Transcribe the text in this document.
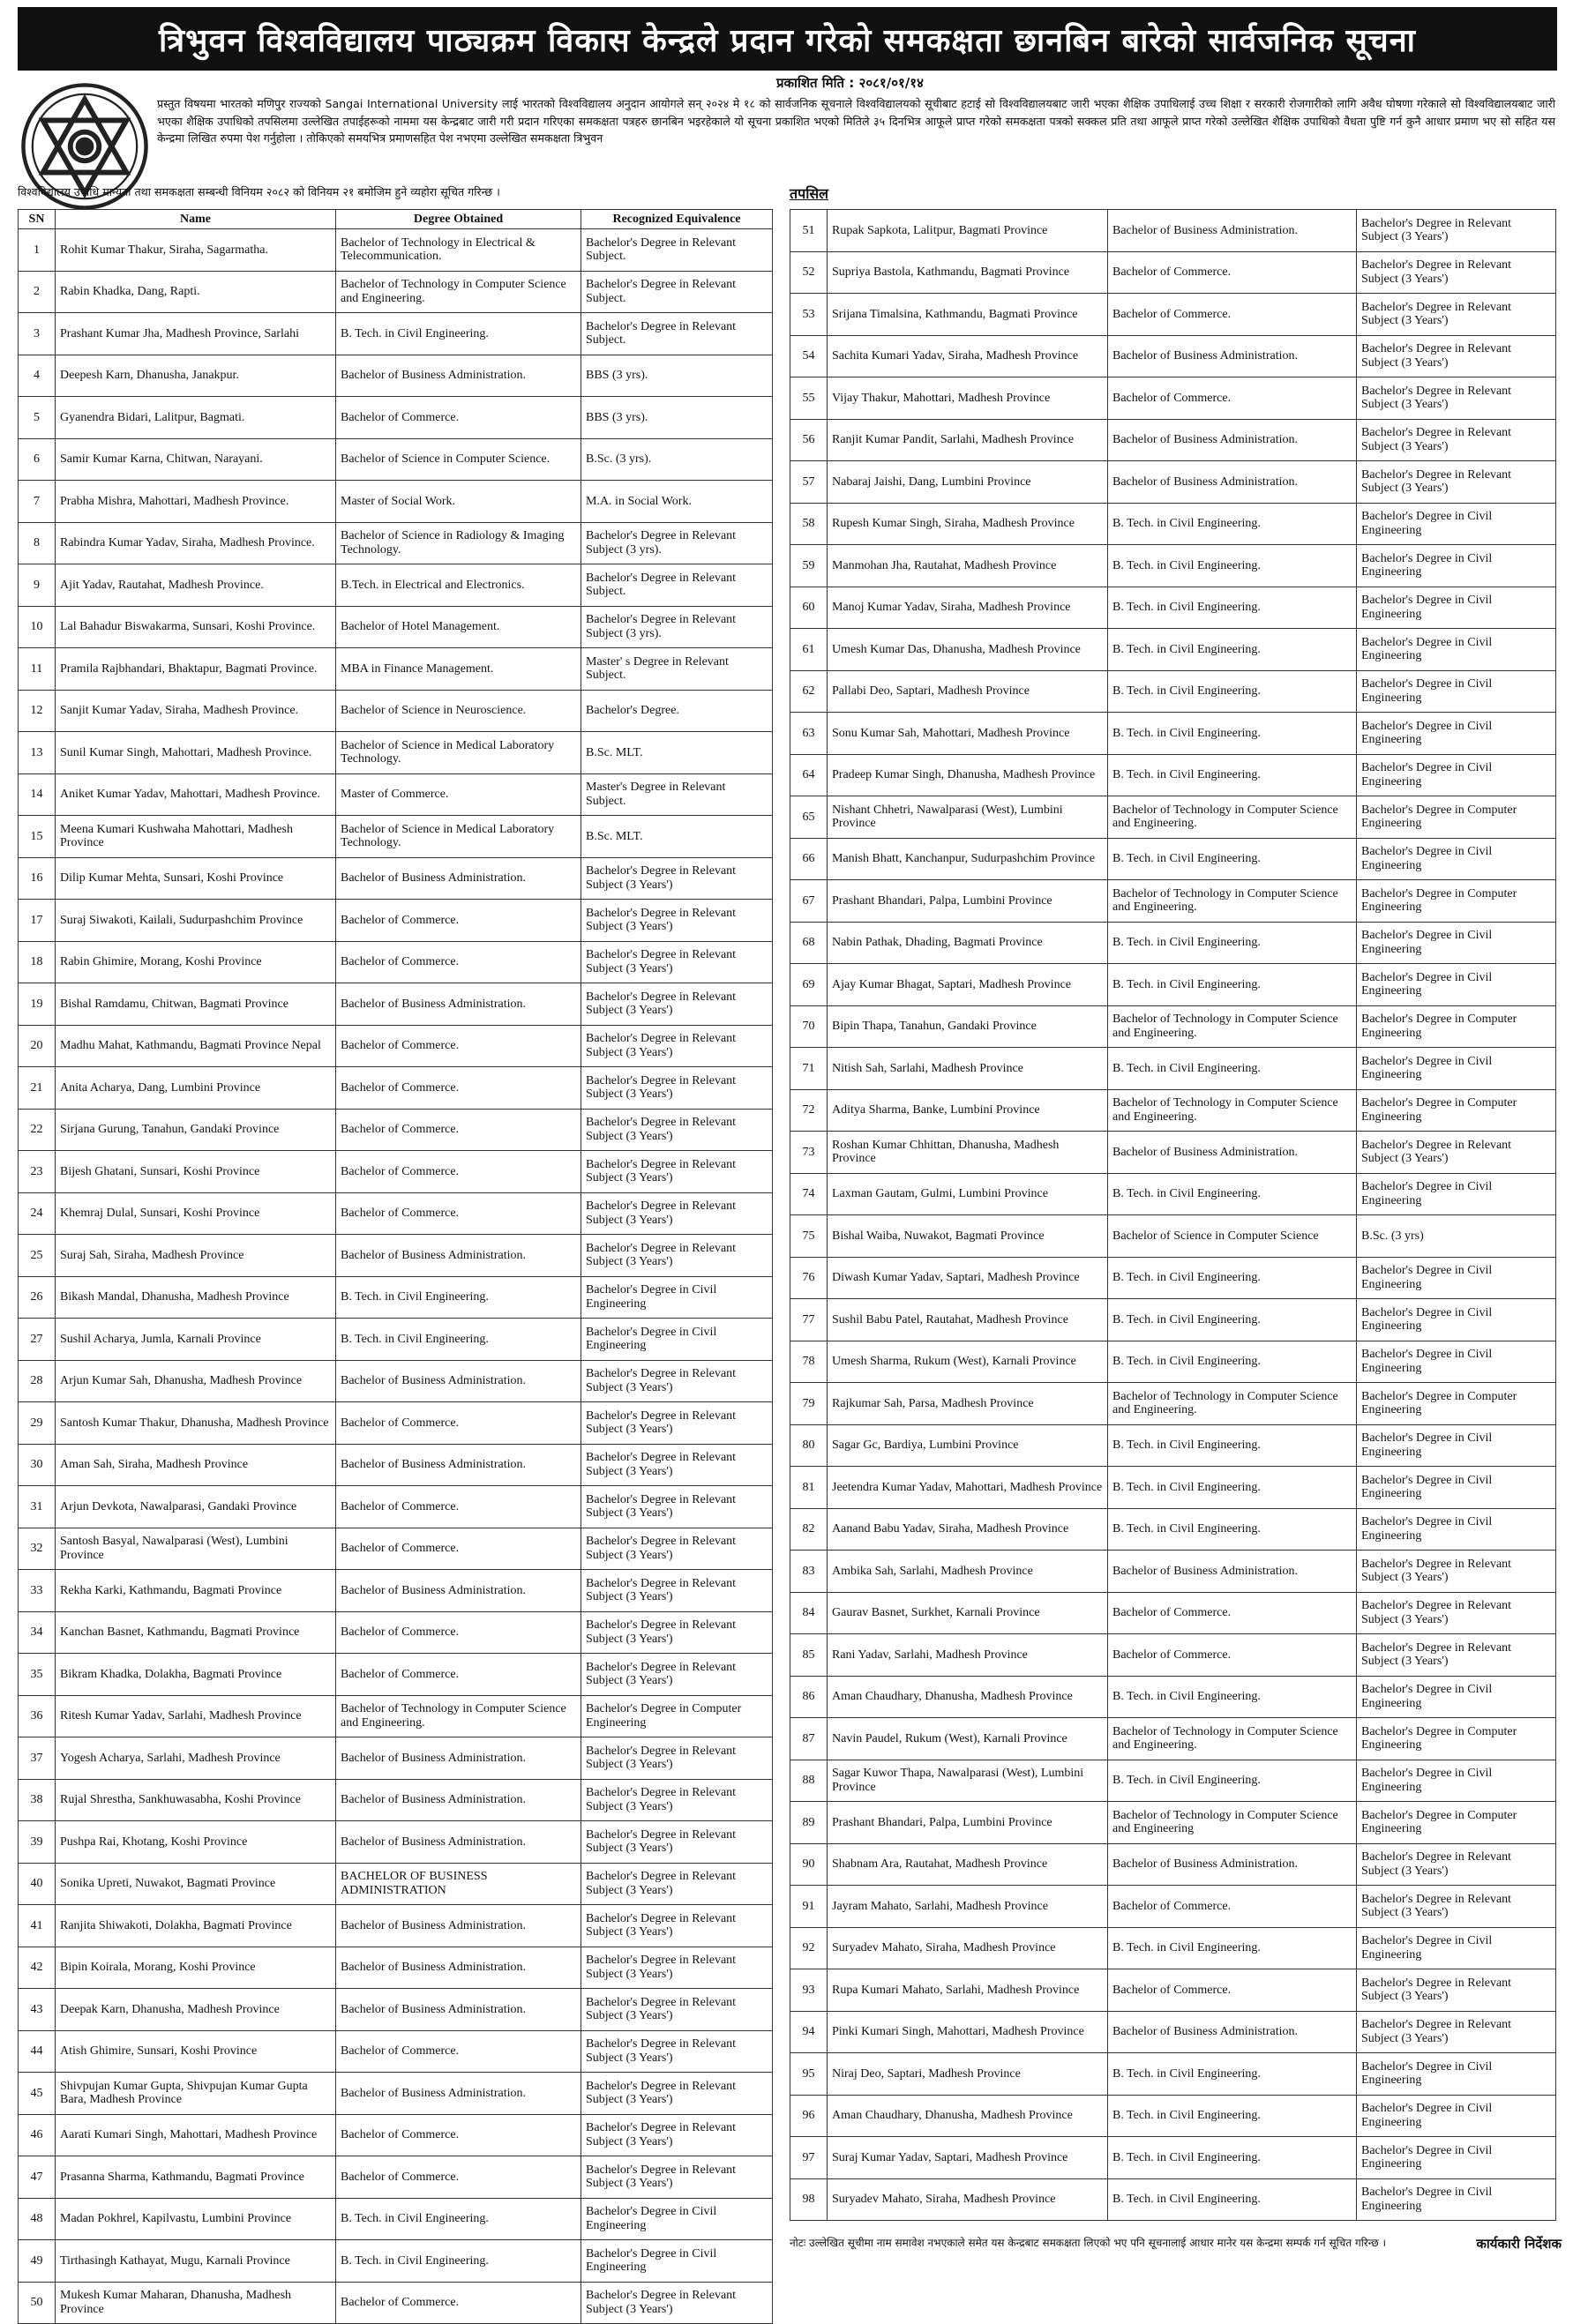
त्रिभुवन विश्वविद्यालय पाठ्यक्रम विकास केन्द्रले प्रदान गरेको समकक्षता छानबिन बारेको सार्वजनिक सूचना
प्रकाशित मिति : २०८१/०१/१४
प्रस्तुत विषयमा भारतको मणिपुर राज्यको Sangai International University लाई भारतको विश्वविद्यालय अनुदान आयोगले सन् २०२४ मे १८ को सार्वजनिक सूचनाले विश्वविद्यालयको सूचीबाट हटाई सो विश्वविद्यालयबाट जारी भएका शैक्षिक उपाधिलाई उच्च शिक्षा र सरकारी रोजगारीको लागि अवैध घोषणा गरेकाले सो विश्वविद्यालयबाट जारी भएका शैक्षिक उपाधिको तपसिलमा उल्लेखित तपाईहरूको नाममा यस केन्द्रबाट जारी गरी प्रदान गरिएका समकक्षता पत्रहरु छानबिन भइरहेकाले यो सूचना प्रकाशित भएको मितिले ३५ दिनभित्र आफूले प्राप्त गरेको समकक्षता पत्रको सक्कल प्रति तथा आफूले प्राप्त गरेको उल्लेखित शैक्षिक उपाधिको वैधता पुष्टि गर्न कुनै आधार प्रमाण भए सो सहित यस केन्द्रमा लिखित रुपमा पेश गर्नुहोला । तोकिएको समयभित्र प्रमाणसहित पेश नभएमा उल्लेखित समकक्षता त्रिभुवन
विश्वविद्यालय उपाधि मान्यता तथा समकक्षता सम्बन्धी विनियम २०८२ को विनियम २१ बमोजिम हुने व्यहोरा सूचित गरिन्छ ।	तपसिल
SN	Name	Degree Obtained	Recognized Equivalence
1	Rohit Kumar Thakur, Siraha, Sagarmatha.	Bachelor of Technology in Electrical & Telecommunication.	Bachelor's Degree in Relevant Subject.
2	Rabin Khadka, Dang, Rapti.	Bachelor of Technology in Computer Science and Engineering.	Bachelor's Degree in Relevant Subject.
3	Prashant Kumar Jha, Madhesh Province, Sarlahi	B. Tech. in Civil Engineering.	Bachelor's Degree in Relevant Subject.
4	Deepesh Karn, Dhanusha, Janakpur.	Bachelor of Business Administration.	BBS (3 yrs).
5	Gyanendra Bidari, Lalitpur, Bagmati.	Bachelor of Commerce.	BBS (3 yrs).
6	Samir Kumar Karna, Chitwan, Narayani.	Bachelor of Science in Computer Science.	B.Sc. (3 yrs).
7	Prabha Mishra, Mahottari, Madhesh Province.	Master of Social Work.	M.A. in Social Work.
8	Rabindra Kumar Yadav, Siraha, Madhesh Province.	Bachelor of Science in Radiology & Imaging Technology.	Bachelor's Degree in Relevant Subject (3 yrs).
9	Ajit Yadav, Rautahat, Madhesh Province.	B.Tech. in Electrical and Electronics.	Bachelor's Degree in Relevant Subject.
10	Lal Bahadur Biswakarma, Sunsari, Koshi Province.	Bachelor of Hotel Management.	Bachelor's Degree in Relevant Subject (3 yrs).
11	Pramila Rajbhandari, Bhaktapur, Bagmati Province.	MBA in Finance Management.	Master' s Degree in Relevant Subject.
12	Sanjit Kumar Yadav, Siraha, Madhesh Province.	Bachelor of Science in Neuroscience.	Bachelor's Degree.
13	Sunil Kumar Singh, Mahottari, Madhesh Province.	Bachelor of Science in Medical Laboratory Technology.	B.Sc. MLT.
14	Aniket Kumar Yadav, Mahottari, Madhesh Province.	Master of Commerce.	Master's Degree in Relevant Subject.
15	Meena Kumari Kushwaha Mahottari, Madhesh Province	Bachelor of Science in Medical Laboratory Technology.	B.Sc. MLT.
16	Dilip Kumar Mehta, Sunsari, Koshi Province	Bachelor of Business Administration.	Bachelor's Degree in Relevant Subject (3 Years')
17	Suraj Siwakoti, Kailali, Sudurpashchim Province	Bachelor of Commerce.	Bachelor's Degree in Relevant Subject (3 Years')
18	Rabin Ghimire, Morang, Koshi Province	Bachelor of Commerce.	Bachelor's Degree in Relevant Subject (3 Years')
19	Bishal Ramdamu, Chitwan, Bagmati Province	Bachelor of Business Administration.	Bachelor's Degree in Relevant Subject (3 Years')
20	Madhu Mahat, Kathmandu, Bagmati Province Nepal	Bachelor of Commerce.	Bachelor's Degree in Relevant Subject (3 Years')
21	Anita Acharya, Dang, Lumbini Province	Bachelor of Commerce.	Bachelor's Degree in Relevant Subject (3 Years')
22	Sirjana Gurung, Tanahun, Gandaki Province	Bachelor of Commerce.	Bachelor's Degree in Relevant Subject (3 Years')
23	Bijesh Ghatani, Sunsari, Koshi Province	Bachelor of Commerce.	Bachelor's Degree in Relevant Subject (3 Years')
24	Khemraj Dulal, Sunsari, Koshi Province	Bachelor of Commerce.	Bachelor's Degree in Relevant Subject (3 Years')
25	Suraj Sah, Siraha, Madhesh Province	Bachelor of Business Administration.	Bachelor's Degree in Relevant Subject (3 Years')
26	Bikash Mandal, Dhanusha, Madhesh Province	B. Tech. in Civil Engineering.	Bachelor's Degree in Civil Engineering
27	Sushil Acharya, Jumla, Karnali Province	B. Tech. in Civil Engineering.	Bachelor's Degree in Civil Engineering
28	Arjun Kumar Sah, Dhanusha, Madhesh Province	Bachelor of Business Administration.	Bachelor's Degree in Relevant Subject (3 Years')
29	Santosh Kumar Thakur, Dhanusha, Madhesh Province	Bachelor of Commerce.	Bachelor's Degree in Relevant Subject (3 Years')
30	Aman Sah, Siraha, Madhesh Province	Bachelor of Business Administration.	Bachelor's Degree in Relevant Subject (3 Years')
31	Arjun Devkota, Nawalparasi, Gandaki Province	Bachelor of Commerce.	Bachelor's Degree in Relevant Subject (3 Years')
32	Santosh Basyal, Nawalparasi (West), Lumbini Province	Bachelor of Commerce.	Bachelor's Degree in Relevant Subject (3 Years')
33	Rekha Karki, Kathmandu, Bagmati Province	Bachelor of Business Administration.	Bachelor's Degree in Relevant Subject (3 Years')
34	Kanchan Basnet, Kathmandu, Bagmati Province	Bachelor of Commerce.	Bachelor's Degree in Relevant Subject (3 Years')
35	Bikram Khadka, Dolakha, Bagmati Province	Bachelor of Commerce.	Bachelor's Degree in Relevant Subject (3 Years')
36	Ritesh Kumar Yadav, Sarlahi, Madhesh Province	Bachelor of Technology in Computer Science and Engineering.	Bachelor's Degree in Computer Engineering
37	Yogesh Acharya, Sarlahi, Madhesh Province	Bachelor of Business Administration.	Bachelor's Degree in Relevant Subject (3 Years')
38	Rujal Shrestha, Sankhuwasabha, Koshi Province	Bachelor of Business Administration.	Bachelor's Degree in Relevant Subject (3 Years')
39	Pushpa Rai, Khotang, Koshi Province	Bachelor of Business Administration.	Bachelor's Degree in Relevant Subject (3 Years')
40	Sonika Upreti, Nuwakot, Bagmati Province	BACHELOR OF BUSINESS ADMINISTRATION	Bachelor's Degree in Relevant Subject (3 Years')
41	Ranjita Shiwakoti, Dolakha, Bagmati Province	Bachelor of Business Administration.	Bachelor's Degree in Relevant Subject (3 Years')
42	Bipin Koirala, Morang, Koshi Province	Bachelor of Business Administration.	Bachelor's Degree in Relevant Subject (3 Years')
43	Deepak Karn, Dhanusha, Madhesh Province	Bachelor of Business Administration.	Bachelor's Degree in Relevant Subject (3 Years')
44	Atish Ghimire, Sunsari, Koshi Province	Bachelor of Commerce.	Bachelor's Degree in Relevant Subject (3 Years')
45	Shivpujan Kumar Gupta, Shivpujan Kumar Gupta Bara, Madhesh Province	Bachelor of Business Administration.	Bachelor's Degree in Relevant Subject (3 Years')
46	Aarati Kumari Singh, Mahottari, Madhesh Province	Bachelor of Commerce.	Bachelor's Degree in Relevant Subject (3 Years')
47	Prasanna Sharma, Kathmandu, Bagmati Province	Bachelor of Commerce.	Bachelor's Degree in Relevant Subject (3 Years')
48	Madan Pokhrel, Kapilvastu, Lumbini Province	B. Tech. in Civil Engineering.	Bachelor's Degree in Civil Engineering
49	Tirthasingh Kathayat, Mugu, Karnali Province	B. Tech. in Civil Engineering.	Bachelor's Degree in Civil Engineering
50	Mukesh Kumar Maharan, Dhanusha, Madhesh Province	Bachelor of Commerce.	Bachelor's Degree in Relevant Subject (3 Years')
51	Rupak Sapkota, Lalitpur, Bagmati Province	Bachelor of Business Administration.	Bachelor's Degree in Relevant Subject (3 Years')
52	Supriya Bastola, Kathmandu, Bagmati Province	Bachelor of Commerce.	Bachelor's Degree in Relevant Subject (3 Years')
53	Srijana Timalsina, Kathmandu, Bagmati Province	Bachelor of Commerce.	Bachelor's Degree in Relevant Subject (3 Years')
54	Sachita Kumari Yadav, Siraha, Madhesh Province	Bachelor of Business Administration.	Bachelor's Degree in Relevant Subject (3 Years')
55	Vijay Thakur, Mahottari, Madhesh Province	Bachelor of Commerce.	Bachelor's Degree in Relevant Subject (3 Years')
56	Ranjit Kumar Pandit, Sarlahi, Madhesh Province	Bachelor of Business Administration.	Bachelor's Degree in Relevant Subject (3 Years')
57	Nabaraj Jaishi, Dang, Lumbini Province	Bachelor of Business Administration.	Bachelor's Degree in Relevant Subject (3 Years')
58	Rupesh Kumar Singh, Siraha, Madhesh Province	B. Tech. in Civil Engineering.	Bachelor's Degree in Civil Engineering
59	Manmohan Jha, Rautahat, Madhesh Province	B. Tech. in Civil Engineering.	Bachelor's Degree in Civil Engineering
60	Manoj Kumar Yadav, Siraha, Madhesh Province	B. Tech. in Civil Engineering.	Bachelor's Degree in Civil Engineering
61	Umesh Kumar Das, Dhanusha, Madhesh Province	B. Tech. in Civil Engineering.	Bachelor's Degree in Civil Engineering
62	Pallabi Deo, Saptari, Madhesh Province	B. Tech. in Civil Engineering.	Bachelor's Degree in Civil Engineering
63	Sonu Kumar Sah, Mahottari, Madhesh Province	B. Tech. in Civil Engineering.	Bachelor's Degree in Civil Engineering
64	Pradeep Kumar Singh, Dhanusha, Madhesh Province	B. Tech. in Civil Engineering.	Bachelor's Degree in Civil Engineering
65	Nishant Chhetri, Nawalparasi (West), Lumbini Province	Bachelor of Technology in Computer Science and Engineering.	Bachelor's Degree in Computer Engineering
66	Manish Bhatt, Kanchanpur, Sudurpashchim Province	B. Tech. in Civil Engineering.	Bachelor's Degree in Civil Engineering
67	Prashant Bhandari, Palpa, Lumbini Province	Bachelor of Technology in Computer Science and Engineering.	Bachelor's Degree in Computer Engineering
68	Nabin Pathak, Dhading, Bagmati Province	B. Tech. in Civil Engineering.	Bachelor's Degree in Civil Engineering
69	Ajay Kumar Bhagat, Saptari, Madhesh Province	B. Tech. in Civil Engineering.	Bachelor's Degree in Civil Engineering
70	Bipin Thapa, Tanahun, Gandaki Province	Bachelor of Technology in Computer Science and Engineering.	Bachelor's Degree in Computer Engineering
71	Nitish Sah, Sarlahi, Madhesh Province	B. Tech. in Civil Engineering.	Bachelor's Degree in Civil Engineering
72	Aditya Sharma, Banke, Lumbini Province	Bachelor of Technology in Computer Science and Engineering.	Bachelor's Degree in Computer Engineering
73	Roshan Kumar Chhittan, Dhanusha, Madhesh Province	Bachelor of Business Administration.	Bachelor's Degree in Relevant Subject (3 Years')
74	Laxman Gautam, Gulmi, Lumbini Province	B. Tech. in Civil Engineering.	Bachelor's Degree in Civil Engineering
75	Bishal Waiba, Nuwakot, Bagmati Province	Bachelor of Science in Computer Science	B.Sc. (3 yrs)
76	Diwash Kumar Yadav, Saptari, Madhesh Province	B. Tech. in Civil Engineering.	Bachelor's Degree in Civil Engineering
77	Sushil Babu Patel, Rautahat, Madhesh Province	B. Tech. in Civil Engineering.	Bachelor's Degree in Civil Engineering
78	Umesh Sharma, Rukum (West), Karnali Province	B. Tech. in Civil Engineering.	Bachelor's Degree in Civil Engineering
79	Rajkumar Sah, Parsa, Madhesh Province	Bachelor of Technology in Computer Science and Engineering.	Bachelor's Degree in Computer Engineering
80	Sagar Gc, Bardiya, Lumbini Province	B. Tech. in Civil Engineering.	Bachelor's Degree in Civil Engineering
81	Jeetendra Kumar Yadav, Mahottari, Madhesh Province	B. Tech. in Civil Engineering.	Bachelor's Degree in Civil Engineering
82	Aanand Babu Yadav, Siraha, Madhesh Province	B. Tech. in Civil Engineering.	Bachelor's Degree in Civil Engineering
83	Ambika Sah, Sarlahi, Madhesh Province	Bachelor of Business Administration.	Bachelor's Degree in Relevant Subject (3 Years')
84	Gaurav Basnet, Surkhet, Karnali Province	Bachelor of Commerce.	Bachelor's Degree in Relevant Subject (3 Years')
85	Rani Yadav, Sarlahi, Madhesh Province	Bachelor of Commerce.	Bachelor's Degree in Relevant Subject (3 Years')
86	Aman Chaudhary, Dhanusha, Madhesh Province	B. Tech. in Civil Engineering.	Bachelor's Degree in Civil Engineering
87	Navin Paudel, Rukum (West), Karnali Province	Bachelor of Technology in Computer Science and Engineering.	Bachelor's Degree in Computer Engineering
88	Sagar Kuwor Thapa, Nawalparasi (West), Lumbini Province	B. Tech. in Civil Engineering.	Bachelor's Degree in Civil Engineering
89	Prashant Bhandari, Palpa, Lumbini Province	Bachelor of Technology in Computer Science and Engineering	Bachelor's Degree in Computer Engineering
90	Shabnam Ara, Rautahat, Madhesh Province	Bachelor of Business Administration.	Bachelor's Degree in Relevant Subject (3 Years')
91	Jayram Mahato, Sarlahi, Madhesh Province	Bachelor of Commerce.	Bachelor's Degree in Relevant Subject (3 Years')
92	Suryadev Mahato, Siraha, Madhesh Province	B. Tech. in Civil Engineering.	Bachelor's Degree in Civil Engineering
93	Rupa Kumari Mahato, Sarlahi, Madhesh Province	Bachelor of Commerce.	Bachelor's Degree in Relevant Subject (3 Years')
94	Pinki Kumari Singh, Mahottari, Madhesh Province	Bachelor of Business Administration.	Bachelor's Degree in Relevant Subject (3 Years')
95	Niraj Deo, Saptari, Madhesh Province	B. Tech. in Civil Engineering.	Bachelor's Degree in Civil Engineering
96	Aman Chaudhary, Dhanusha, Madhesh Province	B. Tech. in Civil Engineering.	Bachelor's Degree in Civil Engineering
97	Suraj Kumar Yadav, Saptari, Madhesh Province	B. Tech. in Civil Engineering.	Bachelor's Degree in Civil Engineering
98	Suryadev Mahato, Siraha, Madhesh Province	B. Tech. in Civil Engineering.	Bachelor's Degree in Civil Engineering
नोटः उल्लेखित सूचीमा नाम समावेश नभएकाले समेत यस केन्द्रबाट समकक्षता लिएको भए पनि सूचनालाई आधार मानेर यस केन्द्रमा सम्पर्क गर्न सूचित गरिन्छ ।	कार्यकारी निर्देशक
